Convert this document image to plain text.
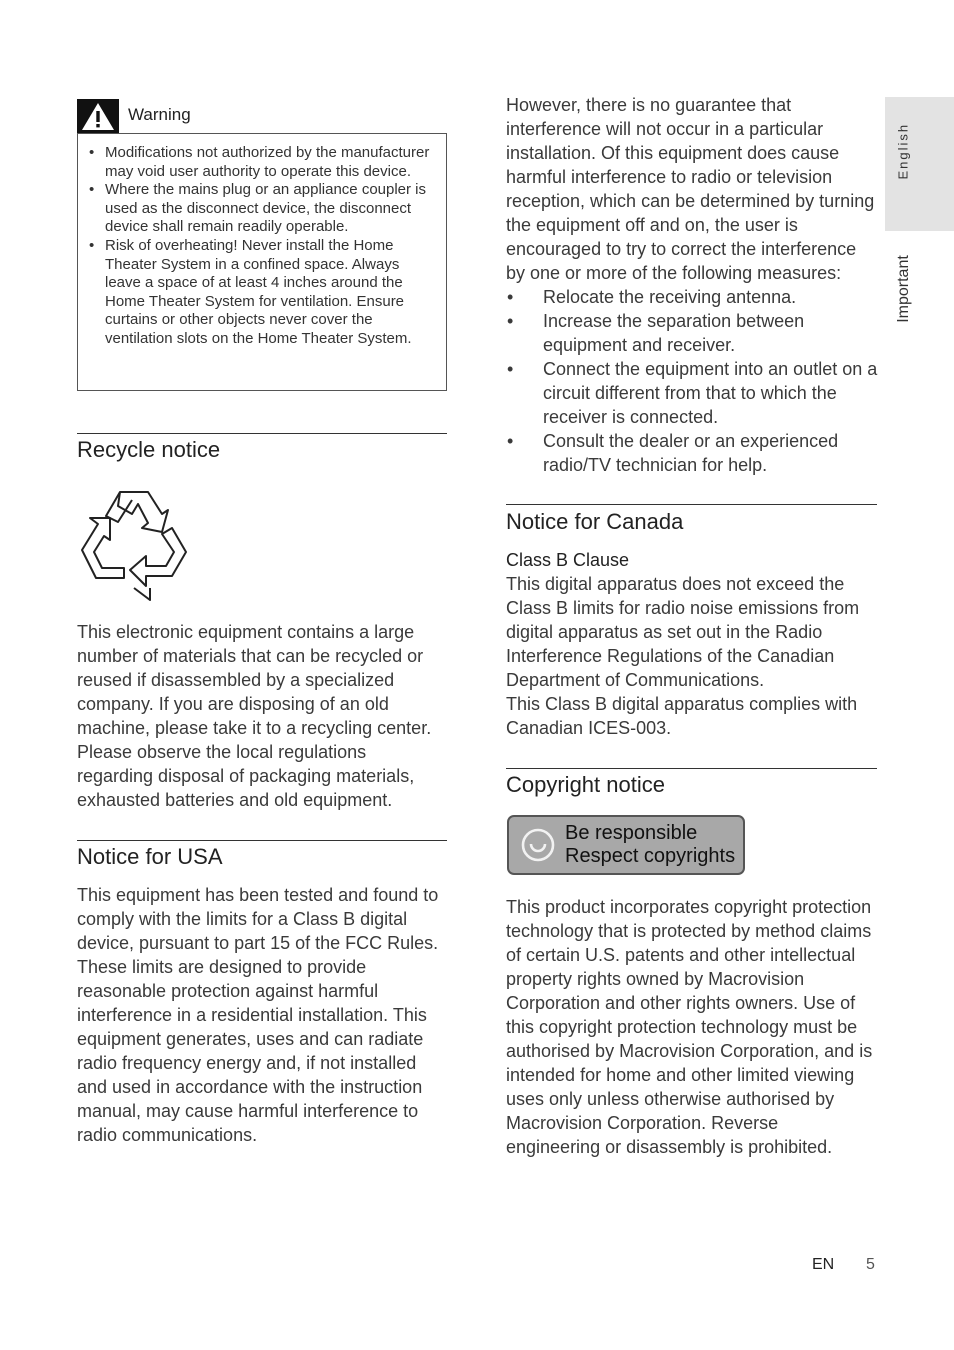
Warning
• Modifications not authorized by the manufacturer may void user authority to operate this device.
• Where the mains plug or an appliance coupler is used as the disconnect device, the disconnect device shall remain readily operable.
• Risk of overheating! Never install the Home Theater System in a confined space. Always leave a space of at least 4 inches around the Home Theater System for ventilation. Ensure curtains or other objects never cover the ventilation slots on the Home Theater System.
Recycle notice

This electronic equipment contains a large number of materials that can be recycled or reused if disassembled by a specialized company. If you are disposing of an old machine, please take it to a recycling center. Please observe the local regulations regarding disposal of packaging materials, exhausted batteries and old equipment.

Notice for USA

This equipment has been tested and found to comply with the limits for a Class B digital device, pursuant to part 15 of the FCC Rules. These limits are designed to provide reasonable protection against harmful interference in a residential installation. This equipment generates, uses and can radiate radio frequency energy and, if not installed and used in accordance with the instruction manual, may cause harmful interference to radio communications.

However, there is no guarantee that interference will not occur in a particular installation. Of this equipment does cause harmful interference to radio or television reception, which can be determined by turning the equipment off and on, the user is encouraged to try to correct the interference by one or more of the following measures:

• Relocate the receiving antenna.
• Increase the separation between equipment and receiver.
• Connect the equipment into an outlet on a circuit different from that to which the receiver is connected.
• Consult the dealer or an experienced radio/TV technician for help.
Notice for Canada

Class B Clause

This digital apparatus does not exceed the Class B limits for radio noise emissions from digital apparatus as set out in the Radio Interference Regulations of the Canadian Department of Communications.

This Class B digital apparatus complies with Canadian ICES-003.

Copyright notice
Be responsible
Respect copyrights

This product incorporates copyright protection technology that is protected by method claims of certain U.S. patents and other intellectual property rights owned by Macrovision Corporation and other rights owners. Use of this copyright protection technology must be authorised by Macrovision Corporation, and is intended for home and other limited viewing uses only unless otherwise authorised by Macrovision Corporation. Reverse engineering or disassembly is prohibited.

English
Important
EN 5
